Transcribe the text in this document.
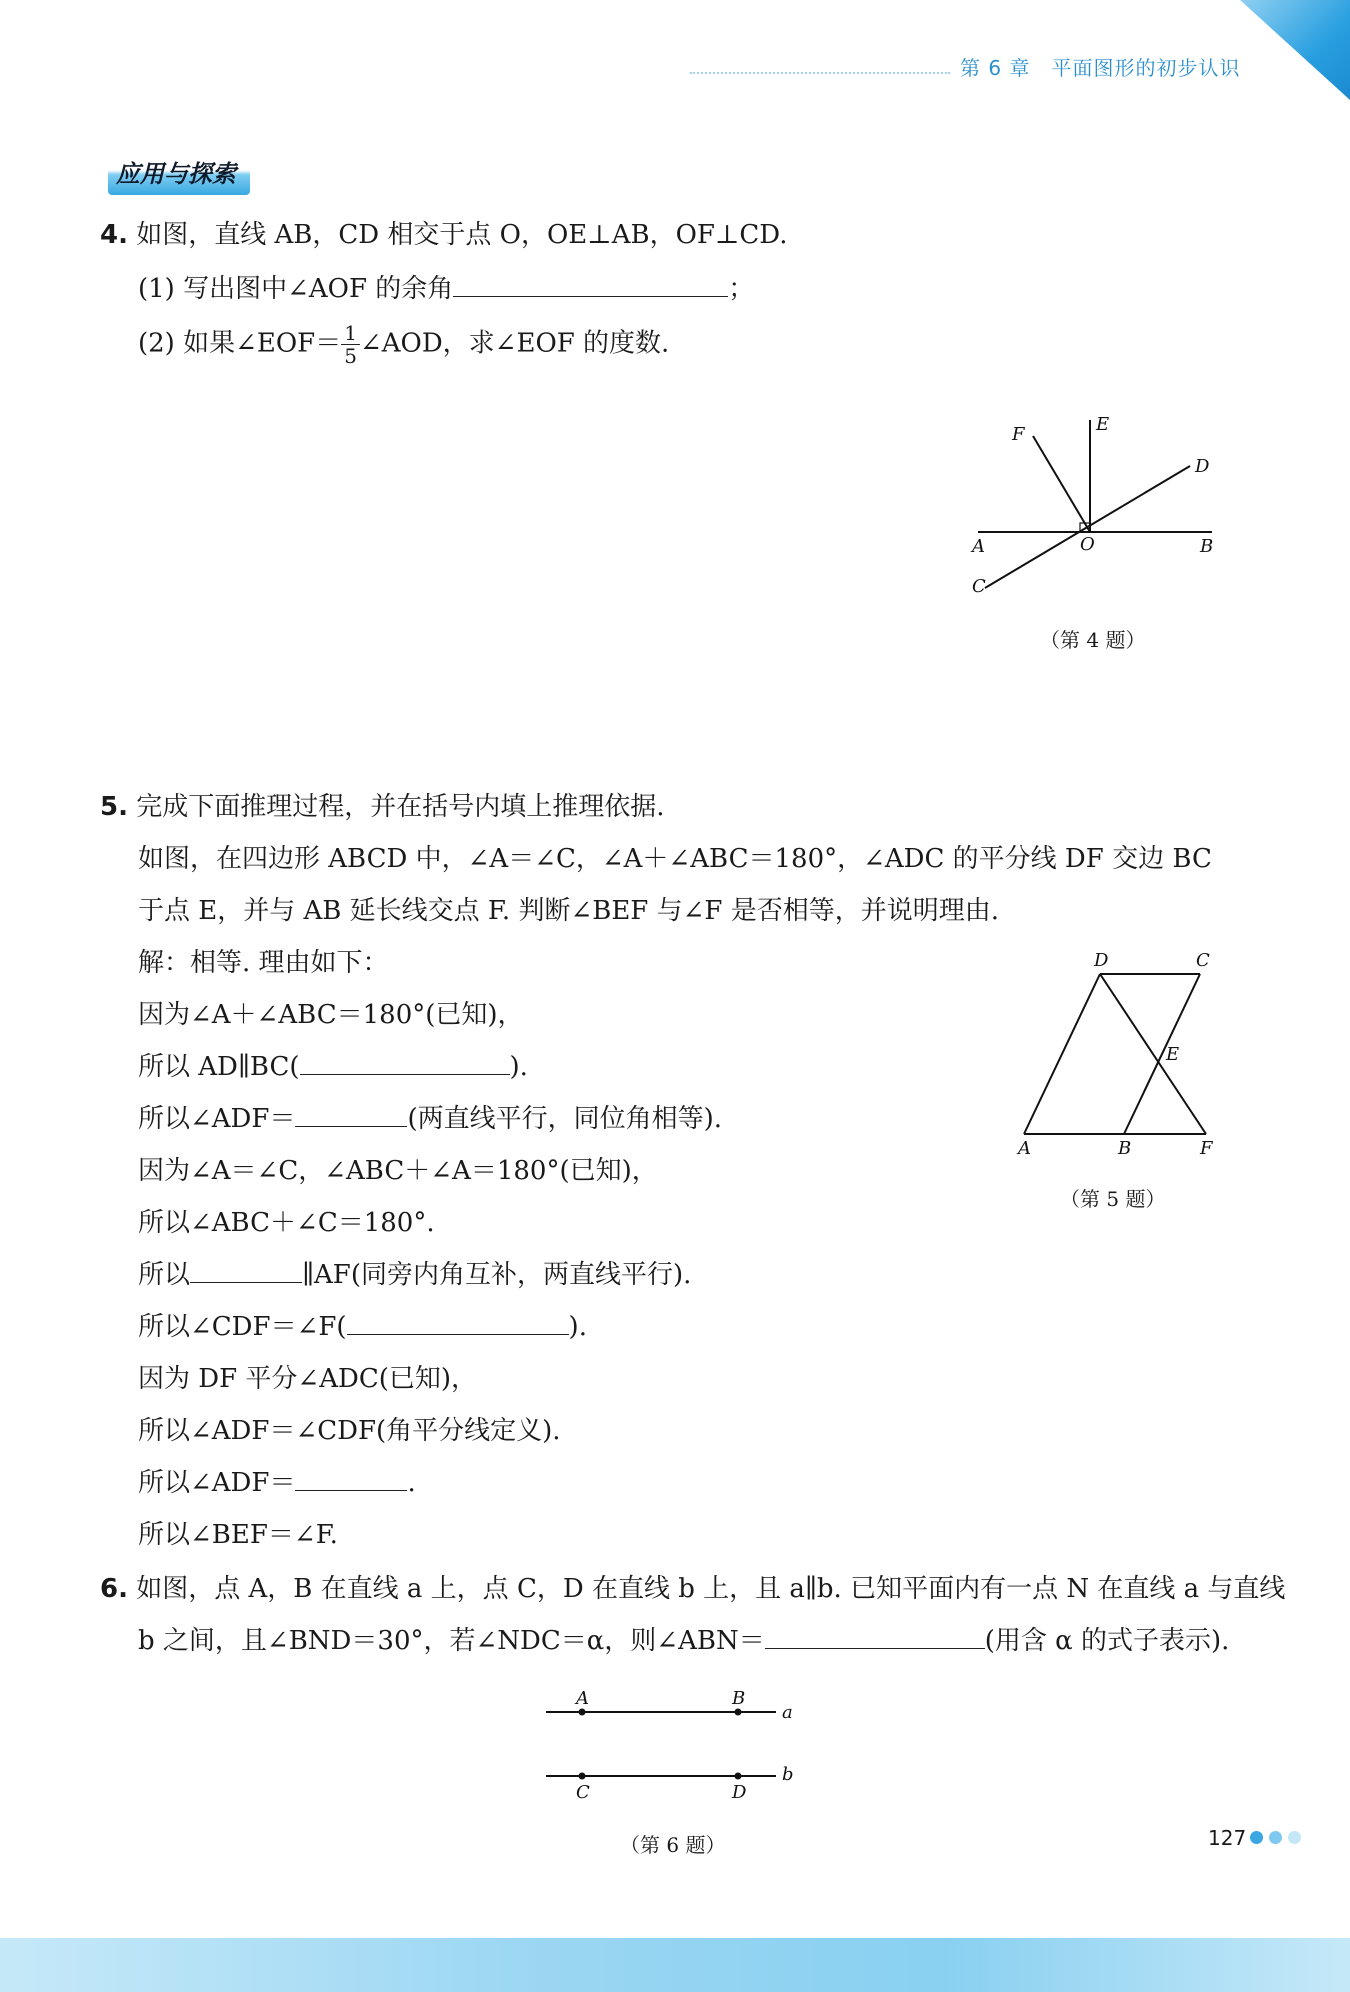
第 6 章　平面图形的初步认识
应用与探索
4. 如图，直线 AB，CD 相交于点 O，OE⊥AB，OF⊥CD.
(1) 写出图中∠AOF 的余角	；
(2) 如果∠EOF＝ $\frac{1}{5}$ ∠AOD，求∠EOF 的度数.
F	E
D
A	O	B
C
（第 4 题）
5. 完成下面推理过程，并在括号内填上推理依据.
如图，在四边形 ABCD 中，∠A＝∠C，∠A＋∠ABC＝180°，∠ADC 的平分线 DF 交边 BC
于点 E，并与 AB 延长线交点 F. 判断∠BEF 与∠F 是否相等，并说明理由.
解：相等. 理由如下：
因为∠A＋∠ABC＝180°(已知)，
所以 AD∥BC(	).
所以∠ADF＝	(两直线平行，同位角相等).
因为∠A＝∠C，∠ABC＋∠A＝180°(已知)，
所以∠ABC＋∠C＝180°.
所以	∥AF(同旁内角互补，两直线平行).
所以∠CDF＝∠F(	).
因为 DF 平分∠ADC(已知)，
所以∠ADF＝∠CDF(角平分线定义).
所以∠ADF＝	.
所以∠BEF＝∠F.
D	C
E
A	B	F
（第 5 题）
6. 如图，点 A，B 在直线 a 上，点 C，D 在直线 b 上，且 a∥b. 已知平面内有一点 N 在直线 a 与直线
b 之间，且∠BND＝30°，若∠NDC＝α，则∠ABN＝	(用含 α 的式子表示).
A	B
a
C	D
b
（第 6 题）	127
